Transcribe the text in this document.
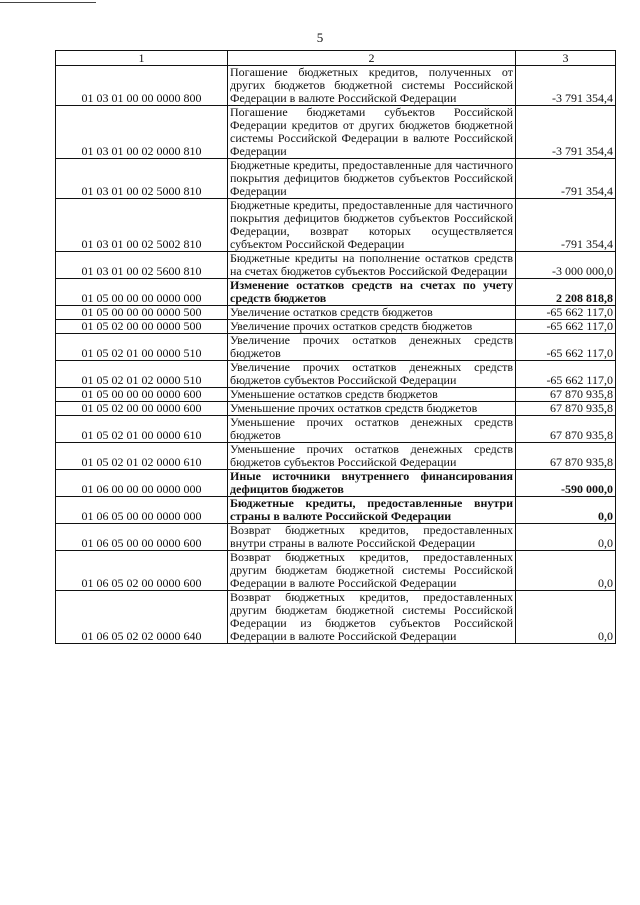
5
1	2	3
01 03 01 00 00 0000 800	Погашение бюджетных кредитов, полученных от других бюджетов бюджетной системы Российской Федерации в валюте Российской Федерации	-3 791 354,4
01 03 01 00 02 0000 810	Погашение бюджетами субъектов Российской Федерации кредитов от других бюджетов бюджетной системы Российской Федерации в валюте Российской Федерации	-3 791 354,4
01 03 01 00 02 5000 810	Бюджетные кредиты, предоставленные для частичного покрытия дефицитов бюджетов субъектов Российской Федерации	-791 354,4
01 03 01 00 02 5002 810	Бюджетные кредиты, предоставленные для частичного покрытия дефицитов бюджетов субъектов Российской Федерации, возврат которых осуществляется субъектом Российской Федерации	-791 354,4
01 03 01 00 02 5600 810	Бюджетные кредиты на пополнение остатков средств на счетах бюджетов субъектов Российской Федерации	-3 000 000,0
01 05 00 00 00 0000 000	Изменение остатков средств на счетах по учету средств бюджетов	2 208 818,8
01 05 00 00 00 0000 500	Увеличение остатков средств бюджетов	-65 662 117,0
01 05 02 00 00 0000 500	Увеличение прочих остатков средств бюджетов	-65 662 117,0
01 05 02 01 00 0000 510	Увеличение прочих остатков денежных средств бюджетов	-65 662 117,0
01 05 02 01 02 0000 510	Увеличение прочих остатков денежных средств бюджетов субъектов Российской Федерации	-65 662 117,0
01 05 00 00 00 0000 600	Уменьшение остатков средств бюджетов	67 870 935,8
01 05 02 00 00 0000 600	Уменьшение прочих остатков средств бюджетов	67 870 935,8
01 05 02 01 00 0000 610	Уменьшение прочих остатков денежных средств бюджетов	67 870 935,8
01 05 02 01 02 0000 610	Уменьшение прочих остатков денежных средств бюджетов субъектов Российской Федерации	67 870 935,8
01 06 00 00 00 0000 000	Иные источники внутреннего финансирования дефицитов бюджетов	-590 000,0
01 06 05 00 00 0000 000	Бюджетные кредиты, предоставленные внутри страны в валюте Российской Федерации	0,0
01 06 05 00 00 0000 600	Возврат бюджетных кредитов, предоставленных внутри страны в валюте Российской Федерации	0,0
01 06 05 02 00 0000 600	Возврат бюджетных кредитов, предоставленных другим бюджетам бюджетной системы Российской Федерации в валюте Российской Федерации	0,0
01 06 05 02 02 0000 640	Возврат бюджетных кредитов, предоставленных другим бюджетам бюджетной системы Российской Федерации из бюджетов субъектов Российской Федерации в валюте Российской Федерации	0,0
